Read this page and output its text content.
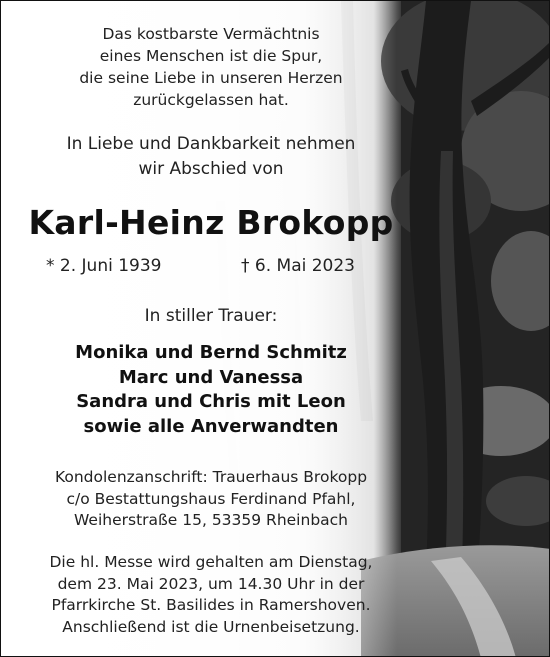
Das kostbarste Vermächtnis
eines Menschen ist die Spur,
die seine Liebe in unseren Herzen
zurückgelassen hat.
In Liebe und Dankbarkeit nehmen
wir Abschied von
Karl-Heinz Brokopp
* 2. Juni 1939	† 6. Mai 2023
In stiller Trauer:
Monika und Bernd Schmitz
Marc und Vanessa
Sandra und Chris mit Leon
sowie alle Anverwandten
Kondolenzanschrift: Trauerhaus Brokopp
c/o Bestattungshaus Ferdinand Pfahl,
Weiherstraße 15, 53359 Rheinbach
Die hl. Messe wird gehalten am Dienstag,
dem 23. Mai 2023, um 14.30 Uhr in der
Pfarrkirche St. Basilides in Ramershoven.
Anschließend ist die Urnenbeisetzung.
